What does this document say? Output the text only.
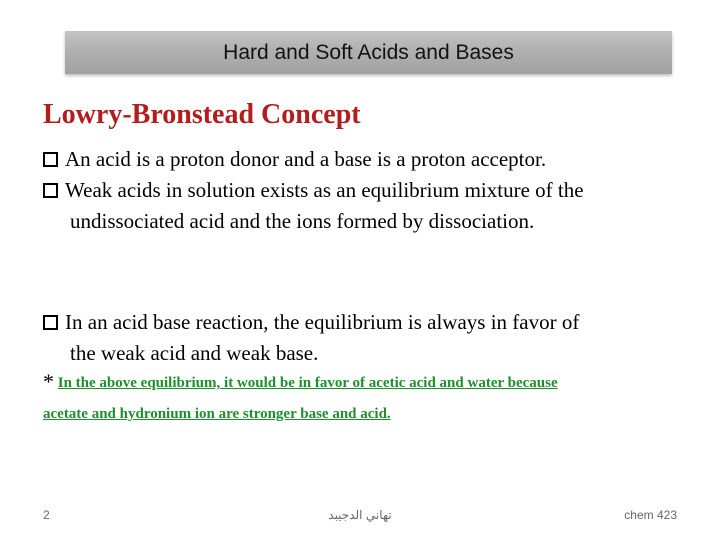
Hard and Soft Acids and Bases
Lowry-Bronstead Concept
An acid is a proton donor and a base is a proton acceptor.
Weak acids in solution exists as an equilibrium mixture of the
undissociated acid and the ions formed by dissociation.
In an acid base reaction, the equilibrium is always in favor of
the weak acid and weak base.
* In the above equilibrium, it would be in favor of acetic acid and water because
acetate and hydronium ion are stronger base and acid.
2	تهاني الدجيبد	chem 423
